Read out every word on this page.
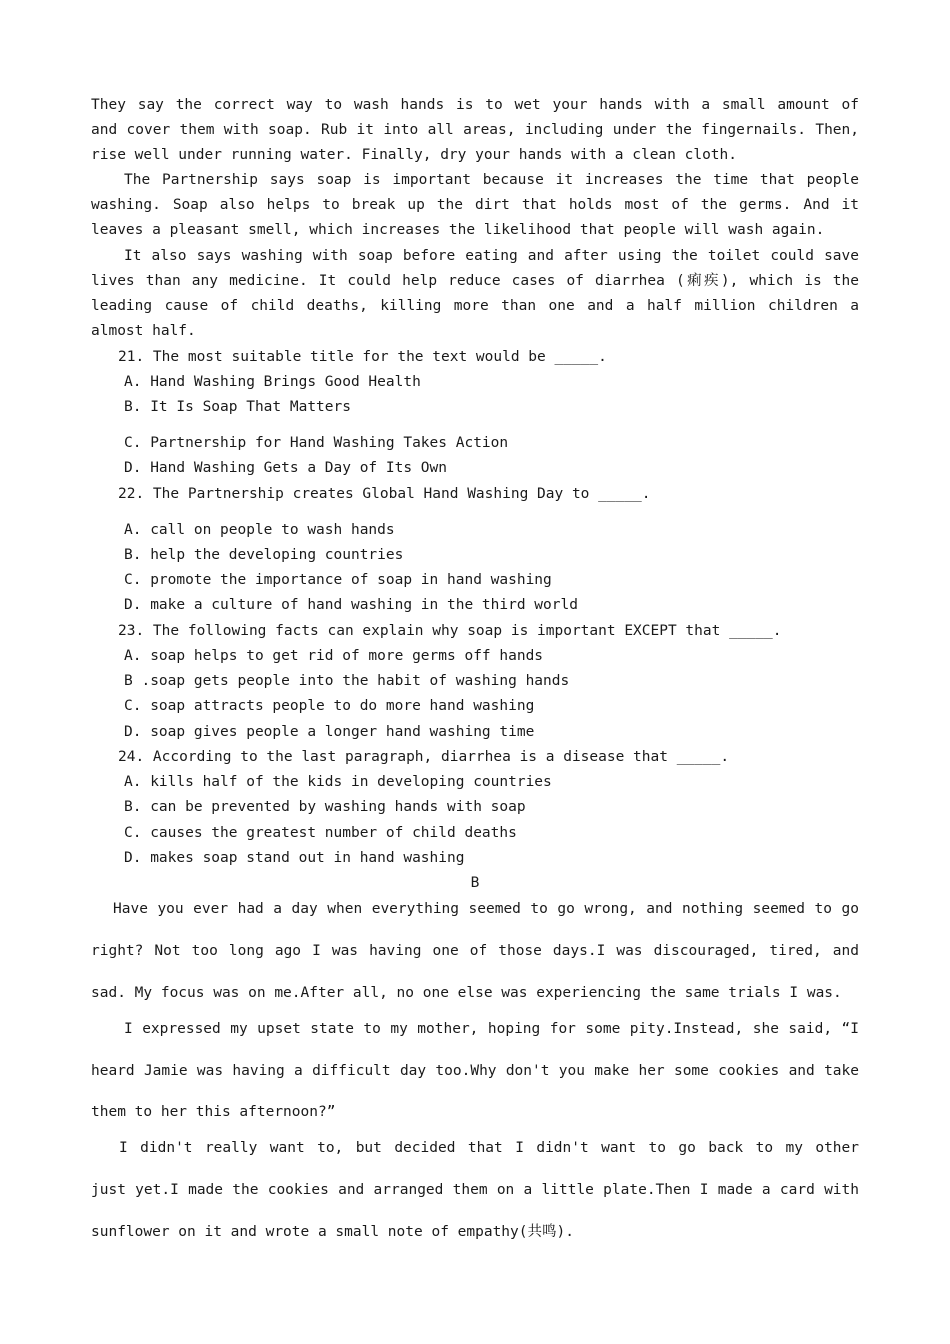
They say the correct way to wash hands is to wet your hands with a small amount of
and cover them with soap. Rub it into all areas, including under the fingernails. Then,
rise well under running water. Finally, dry your hands with a clean cloth.
The Partnership says soap is important because it increases the time that people
washing. Soap also helps to break up the dirt that holds most of the germs. And it
leaves a pleasant smell, which increases the likelihood that people will wash again.
It also says washing with soap before eating and after using the toilet could save
lives than any medicine. It could help reduce cases of diarrhea (痢疾), which is the
leading cause of child deaths, killing more than one and a half million children a
almost half.
21. The most suitable title for the text would be _____.
A. Hand Washing Brings Good Health
B. It Is Soap That Matters
C. Partnership for Hand Washing Takes Action
D. Hand Washing Gets a Day of Its Own
22. The Partnership creates Global Hand Washing Day to _____.
A. call on people to wash hands
B. help the developing countries
C. promote the importance of soap in hand washing
D. make a culture of hand washing in the third world
23. The following facts can explain why soap is important EXCEPT that _____.
A. soap helps to get rid of more germs off hands
B .soap gets people into the habit of washing hands
C. soap attracts people to do more hand washing
D. soap gives people a longer hand washing time
24. According to the last paragraph, diarrhea is a disease that _____.
A. kills half of the kids in developing countries
B. can be prevented by washing hands with soap
C. causes the greatest number of child deaths
D. makes soap stand out in hand washing
B
Have you ever had a day when everything seemed to go wrong, and nothing seemed to go
right? Not too long ago I was having one of those days.I was discouraged, tired, and
sad. My focus was on me.After all, no one else was experiencing the same trials I was.
I expressed my upset state to my mother, hoping for some pity.Instead, she said, “I
heard Jamie was having a difficult day too.Why don't you make her some cookies and take
them to her this afternoon?”
I didn't really want to, but decided that I didn't want to go back to my other
just yet.I made the cookies and arranged them on a little plate.Then I made a card with
sunflower on it and wrote a small note of empathy(共鸣).
